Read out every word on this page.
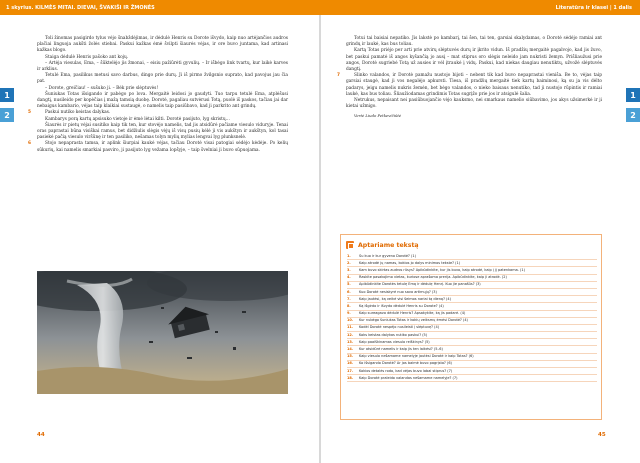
1 skyrius. KILMĖS MITAI. DIEVAI, ŠVAKIŠI IR ŽMONĖS	Literatūra ir klasei | 1 dalis
1
2
1
2

Toli žinomas pasigirdo tylus vėjo šnabždėjimas, ir dėdulė Henris su Dorote išvydo, kaip nuo artėjančios audros plačiai linguoja aukšti žolės stiebai. Paskui kažkas ėmė švilpti šiaurės vėjas, ir ore buvo juntama, kad artinasi kažkas blogo.

Staiga dėdulė Henris pašoko ant kojų.

– Artėja viesulas, Ema, – šūktelėjo jis žmonai, – eisiu pažiūrėti gyvulių. – Ir išbėgo link tvartų, kur laikė karves ir arklius.

Tetulė Ema, pasilikus metusi savo darbus, dingo prie durų. Ji iš pirmo žvilgsnio suprato, kad pavojus jau čia pat.

– Dorote, greičiau! – sušuko ji. – Bėk prie slėptuvės!

Šuniukas Totas išsigando ir pabėgo po lova. Mergaitė leidosi jo gaudyti. Tuo tarpu tetulė Ema, atplėšusi dangtį, nusileido per kopėčias į mažą tamsią duobę. Dorotė, pagaliau sutvėrusi Totą, puolė iš paskos, tačiau jai dar nebaigus kambario, vėjas taip klaikiai sustaugė, o namelis taip pasiūbavo, kad ji parkrito ant grindų.

5	Paskui nutiko keistas dalykas.

Kambarys porą kartų apsisuko vietoje ir ėmė lėtai kilti. Dorotė pasijuto, lyg skristų…

Šiaurės ir pietų vėjai susitiko kaip tik ten, kur stovėjo namelis, tad jis atsidūrė pačiame viesulo viduryje. Tenai oras paprastai būna visiškai ramus, bet didžiulis slėgis vėjų iš visų pusių kėlė ji vis aukštyn ir aukštyn, kol tasai pasiekė pačią viesulo viršūnę ir ten pasiliko, nešamas tolyn mylių mylias lengvai lyg plunksnelė.

6	Stojo nepaprasta tamsa, ir aplink šiurpiai kaukė vėjas, tačiau Dorotė visai patogiai sėdėjo kėdėje. Po kelių sūkurių, kai namelis smarkiai pasviro, ji pasijuto lyg vežama lopšyje, – taip švelniai ji buvo sūpuojama.

44

Totui tai baisiai nepatiko. Jis lakstė po kambarį, tai šen, tai ten, garsiai skalydamas, o Dorotė sėdėjo ramiai ant grindų ir laukė, kas bus toliau.

Kartą Totas priėjo per arti prie atvirų slėptuvės durų ir įkrito vidun. Iš pradžių mergaitė pagalvojo, kad jis žuvo, bet paskui pamatė iš angos kyšančią jo ausį – mat stiprus oro slėgis neleido jam nukristi žemyn. Prišliaužusi prie angos, Dorotė sugriebė Totą už ausies ir vėl įtraukė į vidų. Paskui, kad niekas daugiau nenutiktų, užvožė slėptuvės dangtį.

7	Slinko valandos, ir Dorotė pamažu nustojo bijoti – nebent tik kad buvo nepaprastai vieniša. Be to, vėjas taip garsiai staugė, kad ji vos negalėjo apkursti. Tiesa, iš pradžių mergaitė tiek kartų baiminosi, ką su ja vis dėlto padarys, jeigu namelis nukris žemėn, bet bėgo valandos, o nieko baisaus nenutiko, tad ji nustojo rūpintis ir ramiai laukė, kas bus toliau. Šliaužiodamas grindimis Totas sugrįžo prie jos ir atsigulė šalia.

Netrukus, nepaisant nei pasiūbuojančio vėjo kauksmo, nei smarkaus namelio siūbavimo, jos akys užsimerkė ir ji kietai užmigo.

Vertė Liudo Petkevičiūtė

Aptariame tekstą
1. Su kuo ir kur gyveno Dorotė? (1)
2. Kaip atrodė jų namas, kokios jo dalys minimos tekste? (1)
3. Kam buvo skirtas audros rūsys? Apibūdinkite, kur jis buvo, kaip atrodė, kaip į jį patenkama. (1)
4. Raskite pasakojimo vietas, kuriose aprašoma prerija. Apibūdinkite, kaip ji atrodė. (2)
5. Apibūdinkite Dorotės tetulę Emą ir dėdulę Henrį. Kuo jie panašūs? (3)
6. Kuo Dorotė nesiskyrė nuo savo artimųjų? (3)
7. Kaip jautėsi, ką veikė visi šeimos nariai tą dieną? (4)
8. Ką išgirdo ir išvydo dėdulė Henris su Dorote? (4)
9. Kaip sureagavo dėdulė Henris? Apsakykite, ką jis padarė. (4)
10. Kur nubėgo šuniukas Totas ir kokių veiksmų ėmėsi Dorotė? (4)
11. Kodėl Dorotė nespėjo nusileisti į slėptuvę? (4)
12. Koks keistas dalykas nutiko paskui? (5)
13. Kaip paaiškinamas viesulo reiškinys? (5)
14. Kur atsidūrė namelis ir kaip jis ten laikėsi? (5–6)
15. Kaip viesulo nešamame namelyje jautėsi Dorotė ir kaip Totas? (6)
16. Ko išsigando Dorotė? Ar jos baimė buvo pagrįsta? (6)
17. Kokios detalės rodo, kad vėjas buvo labai stiprus? (7)
18. Kaip Dorotė praleido valandas nešamame namelyje? (7)
45
